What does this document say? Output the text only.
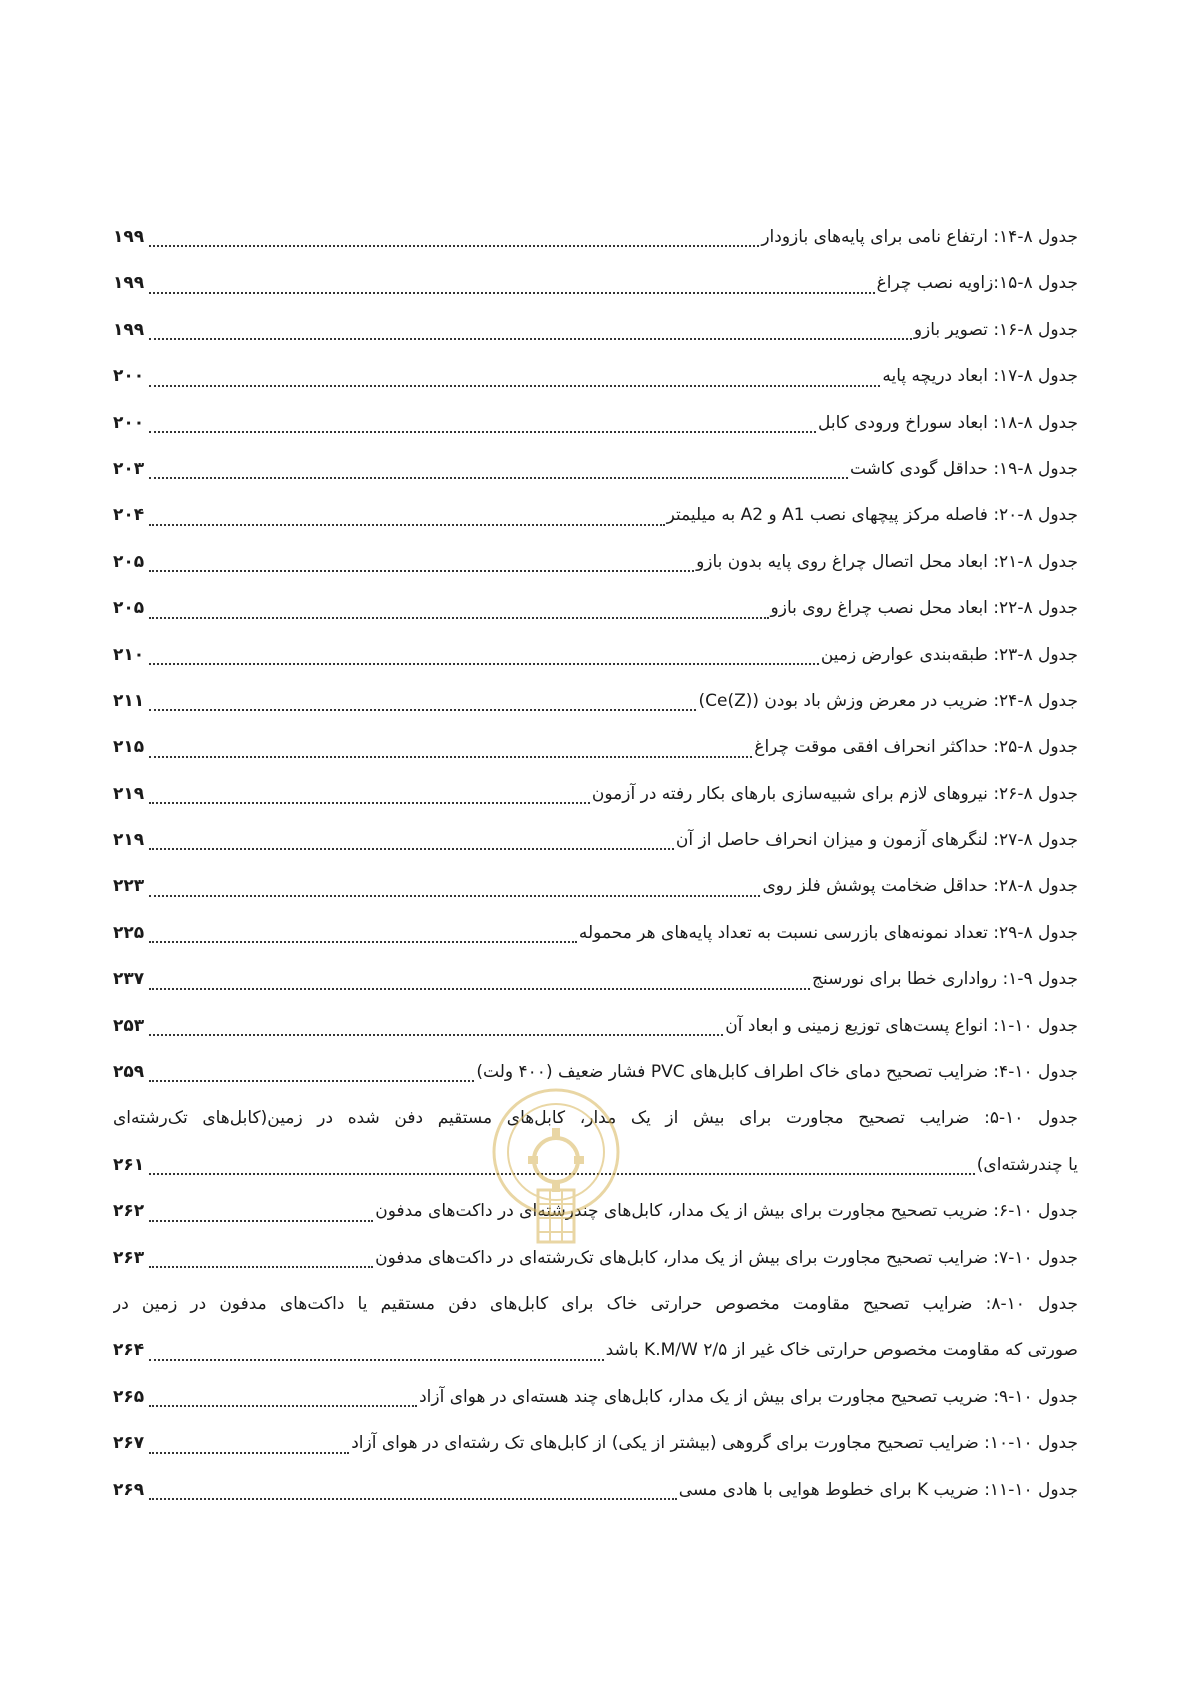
جدول ۸-۱۴: ارتفاع نامی برای پایه‌های بازودار
۱۹۹
جدول ۸-۱۵:زاویه نصب چراغ
۱۹۹
جدول ۸-۱۶: تصویر بازو
۱۹۹
جدول ۸-۱۷: ابعاد دریچه پایه
۲۰۰
جدول ۸-۱۸: ابعاد سوراخ ورودی کابل
۲۰۰
جدول ۸-۱۹: حداقل گودی کاشت
۲۰۳
جدول ۸-۲۰: فاصله مرکز پیچهای نصب A1 و A2 به میلیمتر
۲۰۴
جدول ۸-۲۱: ابعاد محل اتصال چراغ روی پایه بدون بازو
۲۰۵
جدول ۸-۲۲: ابعاد محل نصب چراغ روی بازو
۲۰۵
جدول ۸-۲۳: طبقه‌بندی عوارض زمین
۲۱۰
جدول ۸-۲۴: ضریب در معرض وزش باد بودن (Ce(Z))
۲۱۱
جدول ۸-۲۵: حداکثر انحراف افقی موقت چراغ
۲۱۵
جدول ۸-۲۶: نیروهای لازم برای شبیه‌سازی بارهای بکار رفته در آزمون
۲۱۹
جدول ۸-۲۷: لنگرهای آزمون و میزان انحراف حاصل از آن
۲۱۹
جدول ۸-۲۸: حداقل ضخامت پوشش فلز روی
۲۲۳
جدول ۸-۲۹: تعداد نمونه‌های بازرسی نسبت به تعداد پایه‌های هر محموله
۲۲۵
جدول ۹-۱: رواداری خطا برای نورسنج
۲۳۷
جدول ۱۰-۱: انواع پست‌های توزیع زمینی و ابعاد آن
۲۵۳
جدول ۱۰-۴: ضرایب تصحیح دمای خاک اطراف کابل‌های PVC فشار ضعیف (۴۰۰ ولت)
۲۵۹
جدول ۱۰-۵: ضرایب تصحیح مجاورت برای بیش از یک مدار، کابل‌های مستقیم دفن شده در زمین(کابل‌های تک‌رشته‌ای
یا چندرشته‌ای)
۲۶۱
جدول ۱۰-۶: ضریب تصحیح مجاورت برای بیش از یک مدار، کابل‌های چندرشته‌ای در داکت‌های مدفون
۲۶۲
جدول ۱۰-۷: ضرایب تصحیح مجاورت برای بیش از یک مدار، کابل‌های تک‌رشته‌ای در داکت‌های مدفون
۲۶۳
جدول ۱۰-۸: ضرایب تصحیح مقاومت مخصوص حرارتی خاک برای کابل‌های دفن مستقیم یا داکت‌های مدفون در زمین در
صورتی که مقاومت مخصوص حرارتی خاک غیر از ۲/۵ K.M/W باشد
۲۶۴
جدول ۱۰-۹: ضریب تصحیح مجاورت برای بیش از یک مدار، کابل‌های چند هسته‌ای در هوای آزاد
۲۶۵
جدول ۱۰-۱۰: ضرایب تصحیح مجاورت برای گروهی (بیشتر از یکی) از کابل‌های تک رشته‌ای در هوای آزاد
۲۶۷
جدول ۱۰-۱۱: ضریب K برای خطوط هوایی با هادی مسی
۲۶۹
